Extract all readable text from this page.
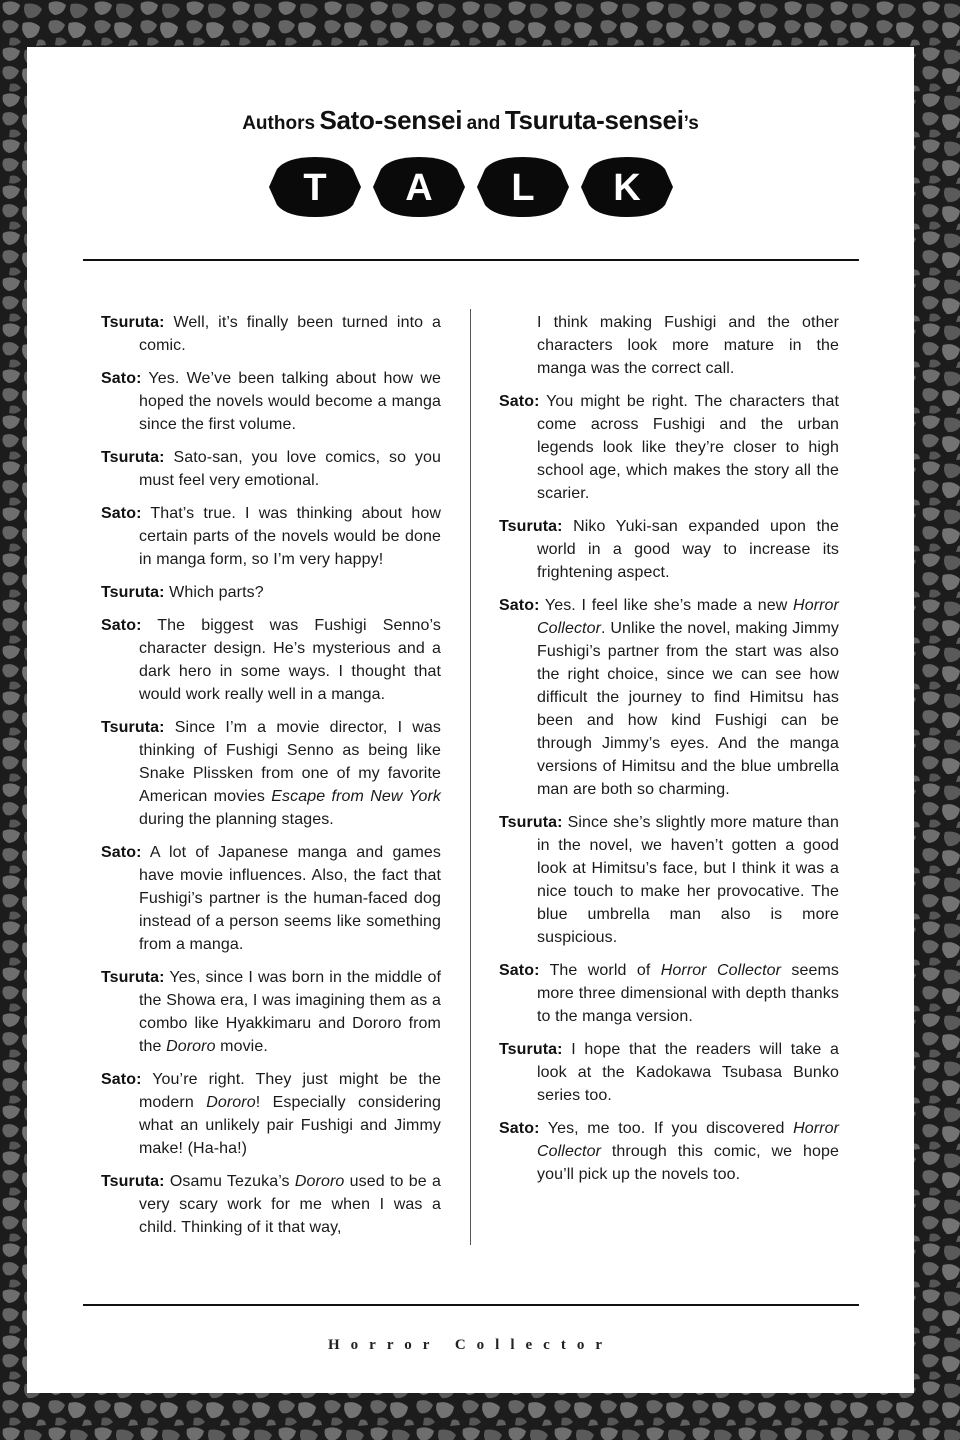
Authors Sato-sensei and Tsuruta-sensei’s
T A L K

Tsuruta: Well, it’s finally been turned into a comic.

Sato: Yes. We’ve been talking about how we hoped the novels would become a manga since the first volume.

Tsuruta: Sato-san, you love comics, so you must feel very emotional.

Sato: That’s true. I was thinking about how certain parts of the novels would be done in manga form, so I’m very happy!

Tsuruta: Which parts?

Sato: The biggest was Fushigi Senno’s character design. He’s mysterious and a dark hero in some ways. I thought that would work really well in a manga.

Tsuruta: Since I’m a movie director, I was thinking of Fushigi Senno as being like Snake Plissken from one of my favorite American movies Escape from New York during the planning stages.

Sato: A lot of Japanese manga and games have movie influences. Also, the fact that Fushigi’s partner is the human-faced dog instead of a person seems like something from a manga.

Tsuruta: Yes, since I was born in the middle of the Showa era, I was imagining them as a combo like Hyakkimaru and Dororo from the Dororo movie.

Sato: You’re right. They just might be the modern Dororo! Especially considering what an unlikely pair Fushigi and Jimmy make! (Ha-ha!)

Tsuruta: Osamu Tezuka’s Dororo used to be a very scary work for me when I was a child. Thinking of it that way,

I think making Fushigi and the other characters look more mature in the manga was the correct call.

Sato: You might be right. The characters that come across Fushigi and the urban legends look like they’re closer to high school age, which makes the story all the scarier.

Tsuruta: Niko Yuki-san expanded upon the world in a good way to increase its frightening aspect.

Sato: Yes. I feel like she’s made a new Horror Collector. Unlike the novel, making Jimmy Fushigi’s partner from the start was also the right choice, since we can see how difficult the journey to find Himitsu has been and how kind Fushigi can be through Jimmy’s eyes. And the manga versions of Himitsu and the blue umbrella man are both so charming.

Tsuruta: Since she’s slightly more mature than in the novel, we haven’t gotten a good look at Himitsu’s face, but I think it was a nice touch to make her provocative. The blue umbrella man also is more suspicious.

Sato: The world of Horror Collector seems more three dimensional with depth thanks to the manga version.

Tsuruta: I hope that the readers will take a look at the Kadokawa Tsubasa Bunko series too.

Sato: Yes, me too. If you discovered Horror Collector through this comic, we hope you’ll pick up the novels too.

Horror Collector
